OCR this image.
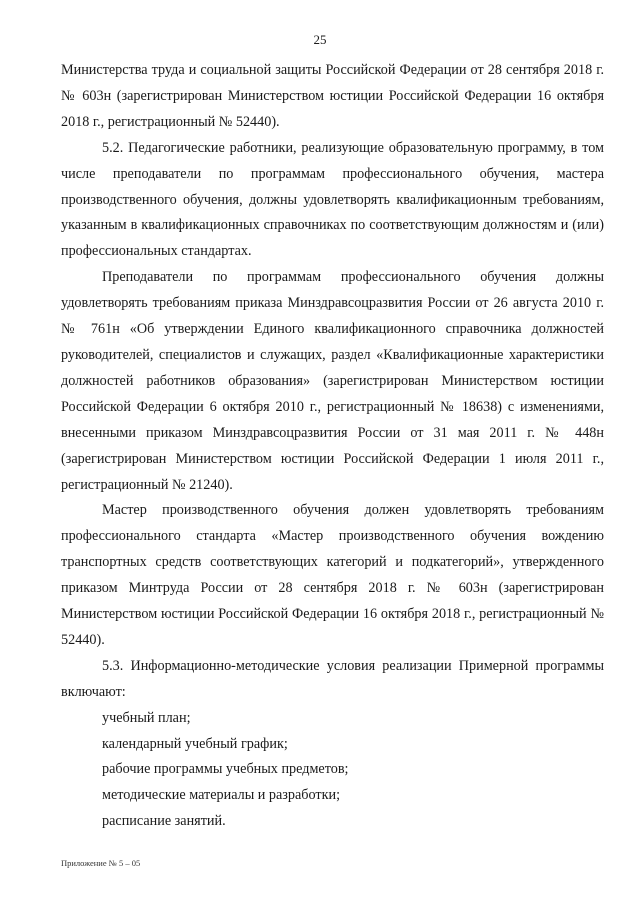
25

Министерства труда и социальной защиты Российской Федерации от 28 сентября 2018 г. № 603н (зарегистрирован Министерством юстиции Российской Федерации 16 октября 2018 г., регистрационный № 52440).

5.2. Педагогические работники, реализующие образовательную программу, в том числе преподаватели по программам профессионального обучения, мастера производственного обучения, должны удовлетворять квалификационным требованиям, указанным в квалификационных справочниках по соответствующим должностям и (или) профессиональных стандартах.

Преподаватели по программам профессионального обучения должны удовлетворять требованиям приказа Минздравсоцразвития России от 26 августа 2010 г. № 761н «Об утверждении Единого квалификационного справочника должностей руководителей, специалистов и служащих, раздел «Квалификационные характеристики должностей работников образования» (зарегистрирован Министерством юстиции Российской Федерации 6 октября 2010 г., регистрационный № 18638) с изменениями, внесенными приказом Минздравсоцразвития России от 31 мая 2011 г. № 448н (зарегистрирован Министерством юстиции Российской Федерации 1 июля 2011 г., регистрационный № 21240).

Мастер производственного обучения должен удовлетворять требованиям профессионального стандарта «Мастер производственного обучения вождению транспортных средств соответствующих категорий и подкатегорий», утвержденного приказом Минтруда России от 28 сентября 2018 г. № 603н (зарегистрирован Министерством юстиции Российской Федерации 16 октября 2018 г., регистрационный № 52440).

5.3. Информационно-методические условия реализации Примерной программы включают:

учебный план;
календарный учебный график;
рабочие программы учебных предметов;
методические материалы и разработки;
расписание занятий.
Приложение № 5 – 05
